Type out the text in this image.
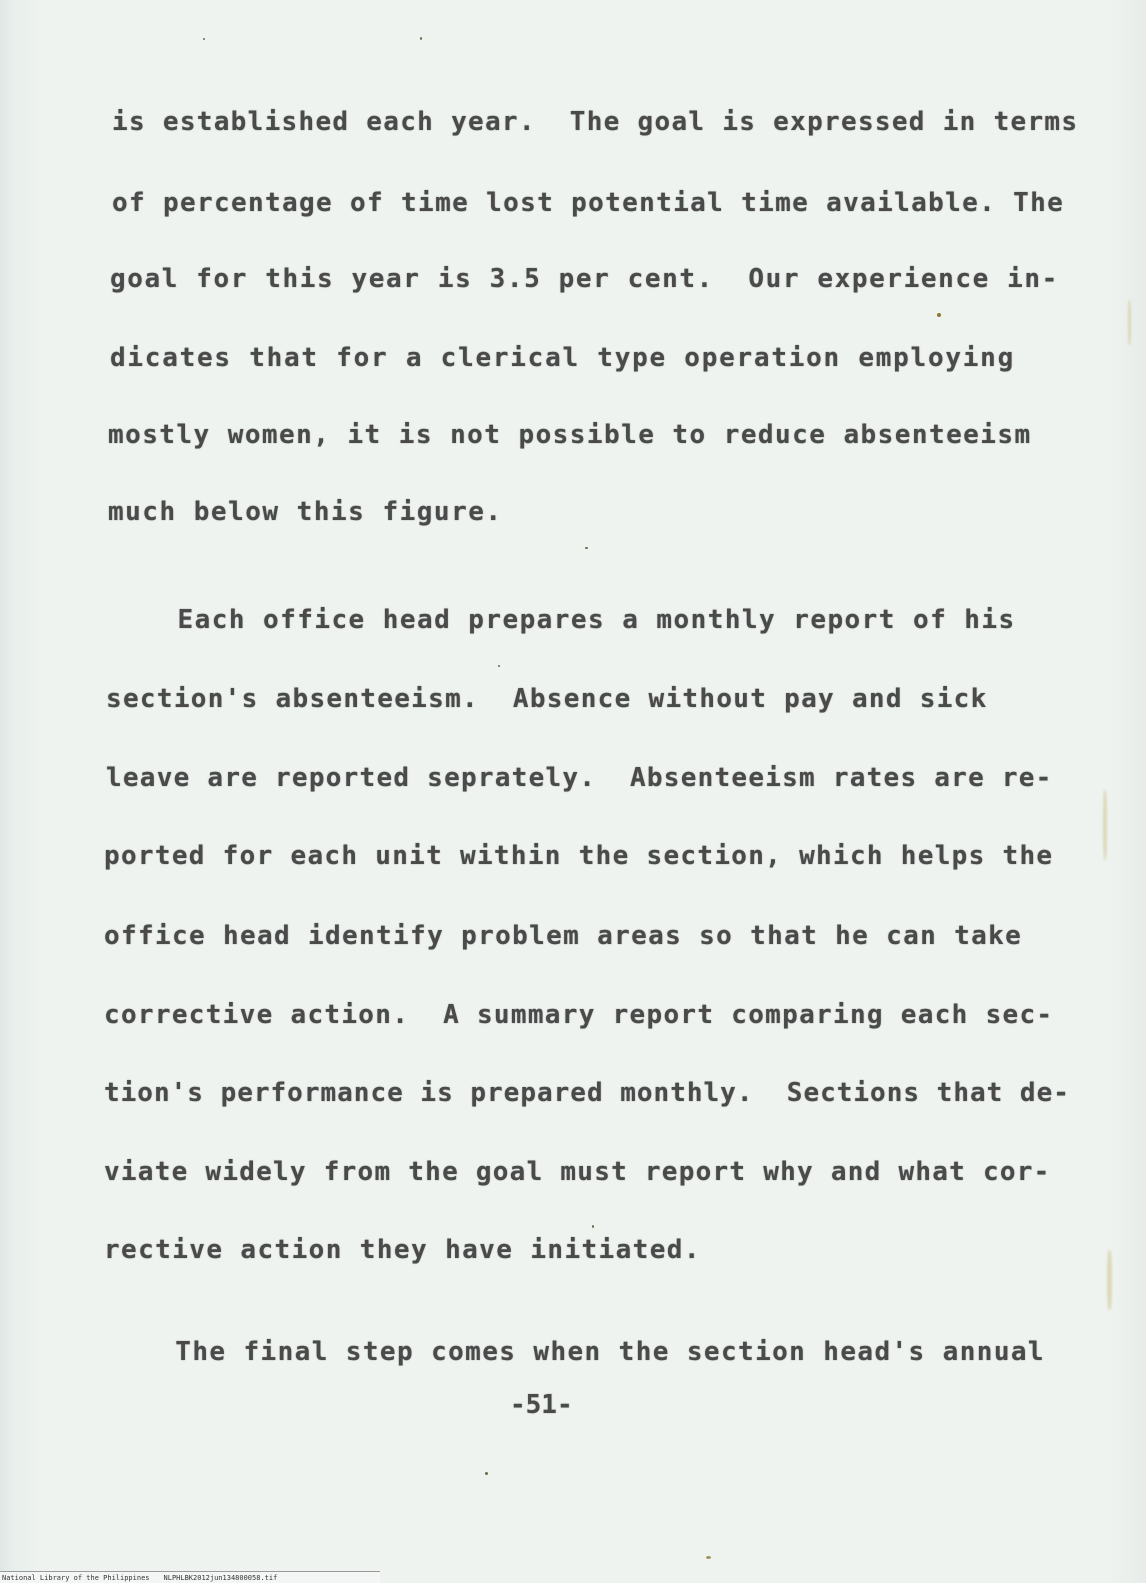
is established each year.  The goal is expressed in terms
of percentage of time lost potential time available. The
goal for this year is 3.5 per cent.  Our experience in-
dicates that for a clerical type operation employing
mostly women, it is not possible to reduce absenteeism
much below this figure.
Each office head prepares a monthly report of his
section's absenteeism.  Absence without pay and sick
leave are reported seprately.  Absenteeism rates are re-
ported for each unit within the section, which helps the
office head identify problem areas so that he can take
corrective action.  A summary report comparing each sec-
tion's performance is prepared monthly.  Sections that de-
viate widely from the goal must report why and what cor-
rective action they have initiated.
The final step comes when the section head's annual
-51-
National Library of the Philippines NLPHLBK2012jun134800058.tif
